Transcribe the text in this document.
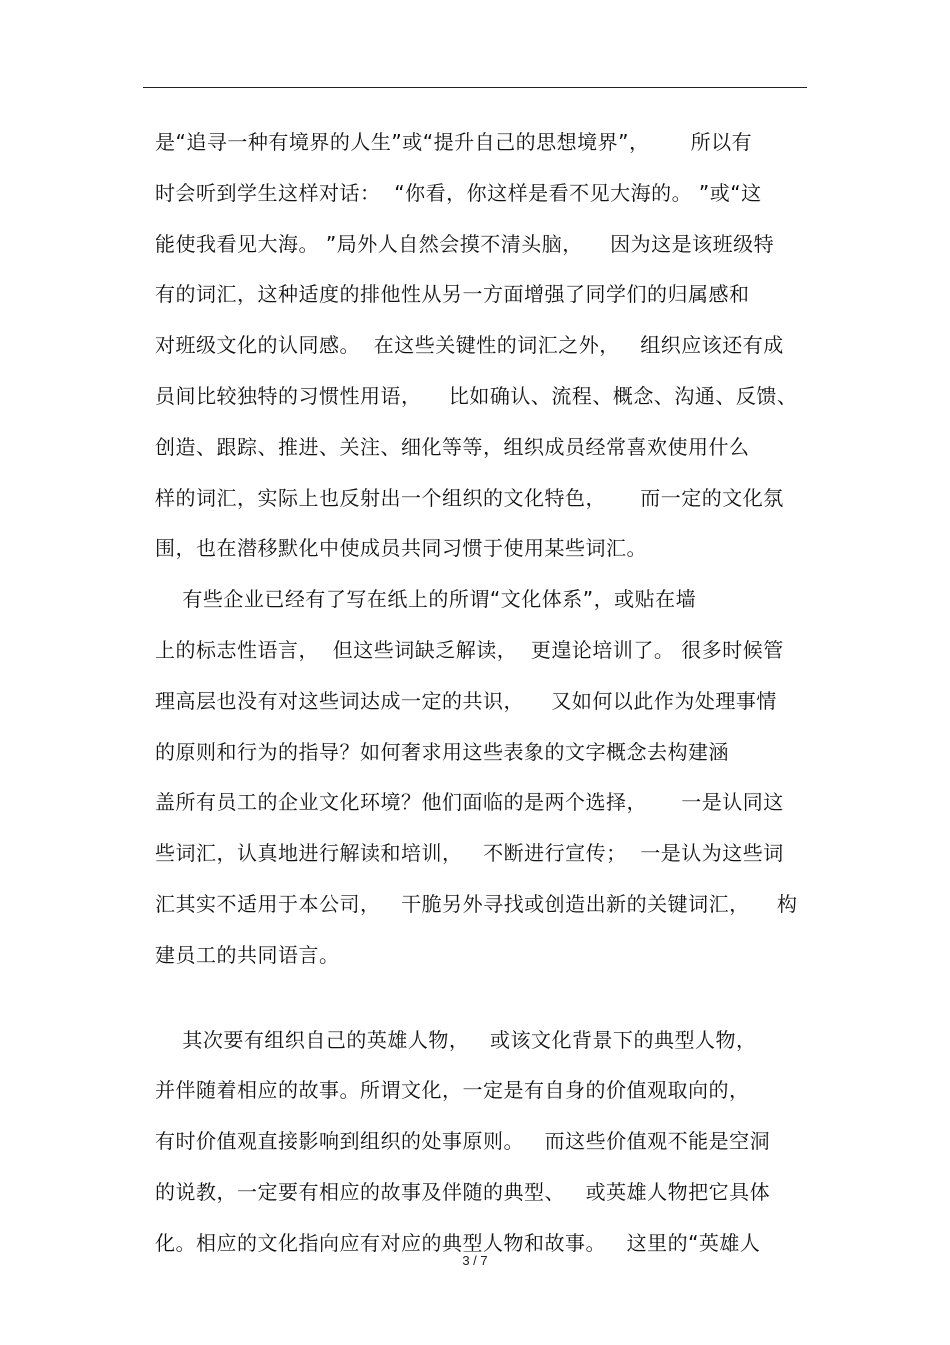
是“追寻一种有境界的人生”或“提升自己的思想境界”，      所以有
时会听到学生这样对话：  “你看，你这样是看不见大海的。 ”或“这
能使我看见大海。 ”局外人自然会摸不清头脑，    因为这是该班级特
有的词汇，这种适度的排他性从另一方面增强了同学们的归属感和
对班级文化的认同感。  在这些关键性的词汇之外，   组织应该还有成
员间比较独特的习惯性用语，    比如确认、流程、概念、沟通、反馈、
创造、跟踪、推进、关注、细化等等，组织成员经常喜欢使用什么
样的词汇，实际上也反射出一个组织的文化特色，     而一定的文化氛
围，也在潜移默化中使成员共同习惯于使用某些词汇。
有些企业已经有了写在纸上的所谓“文化体系”，或贴在墙
上的标志性语言，  但这些词缺乏解读，  更遑论培训了。 很多时候管
理高层也没有对这些词达成一定的共识，    又如何以此作为处理事情
的原则和行为的指导？如何奢求用这些表象的文字概念去构建涵
盖所有员工的企业文化环境？他们面临的是两个选择，     一是认同这
些词汇，认真地进行解读和培训，   不断进行宣传；  一是认为这些词
汇其实不适用于本公司，   干脆另外寻找或创造出新的关键词汇，    构
建员工的共同语言。
其次要有组织自己的英雄人物，   或该文化背景下的典型人物，
并伴随着相应的故事。所谓文化，一定是有自身的价值观取向的，
有时价值观直接影响到组织的处事原则。   而这些价值观不能是空洞
的说教，一定要有相应的故事及伴随的典型、   或英雄人物把它具体
化。相应的文化指向应有对应的典型人物和故事。   这里的“英雄人
3 / 7
